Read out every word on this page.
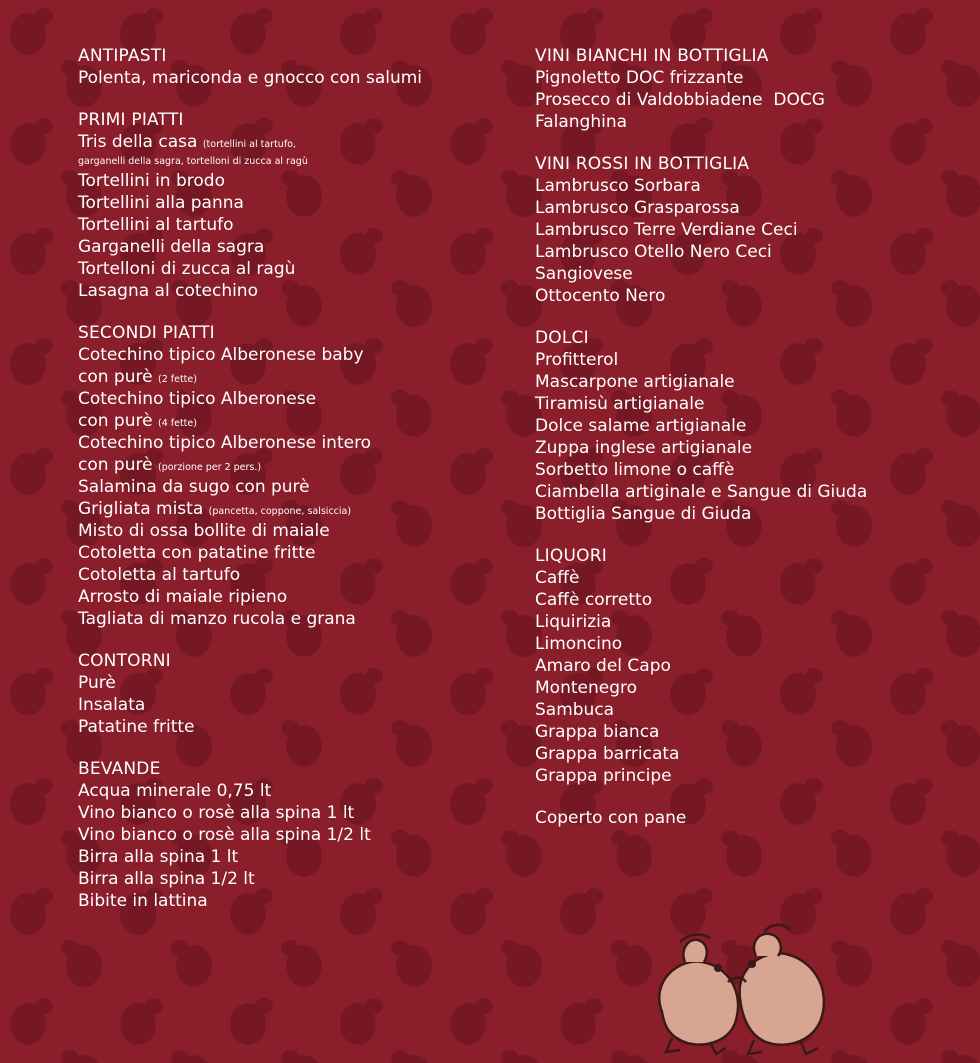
ANTIPASTI
Polenta, mariconda e gnocco con salumi
PRIMI PIATTI
Tris della casa (tortellini al tartufo,
garganelli della sagra, tortelloni di zucca al ragù
Tortellini in brodo
Tortellini alla panna
Tortellini al tartufo
Garganelli della sagra
Tortelloni di zucca al ragù
Lasagna al cotechino
SECONDI PIATTI
Cotechino tipico Alberonese baby
con purè (2 fette)
Cotechino tipico Alberonese
con purè (4 fette)
Cotechino tipico Alberonese intero
con purè (porzione per 2 pers.)
Salamina da sugo con purè
Grigliata mista (pancetta, coppone, salsiccia)
Misto di ossa bollite di maiale
Cotoletta con patatine fritte
Cotoletta al tartufo
Arrosto di maiale ripieno
Tagliata di manzo rucola e grana
CONTORNI
Purè
Insalata
Patatine fritte
BEVANDE
Acqua minerale 0,75 lt
Vino bianco o rosè alla spina 1 lt
Vino bianco o rosè alla spina 1/2 lt
Birra alla spina 1 lt
Birra alla spina 1/2 lt
Bibite in lattina
VINI BIANCHI IN BOTTIGLIA
Pignoletto DOC frizzante
Prosecco di Valdobbiadene  DOCG
Falanghina
VINI ROSSI IN BOTTIGLIA
Lambrusco Sorbara
Lambrusco Grasparossa
Lambrusco Terre Verdiane Ceci
Lambrusco Otello Nero Ceci
Sangiovese
Ottocento Nero
DOLCI
Profitterol
Mascarpone artigianale
Tiramisù artigianale
Dolce salame artigianale
Zuppa inglese artigianale
Sorbetto limone o caffè
Ciambella artiginale e Sangue di Giuda
Bottiglia Sangue di Giuda
LIQUORI
Caffè
Caffè corretto
Liquirizia
Limoncino
Amaro del Capo
Montenegro
Sambuca
Grappa bianca
Grappa barricata
Grappa principe
Coperto con pane
